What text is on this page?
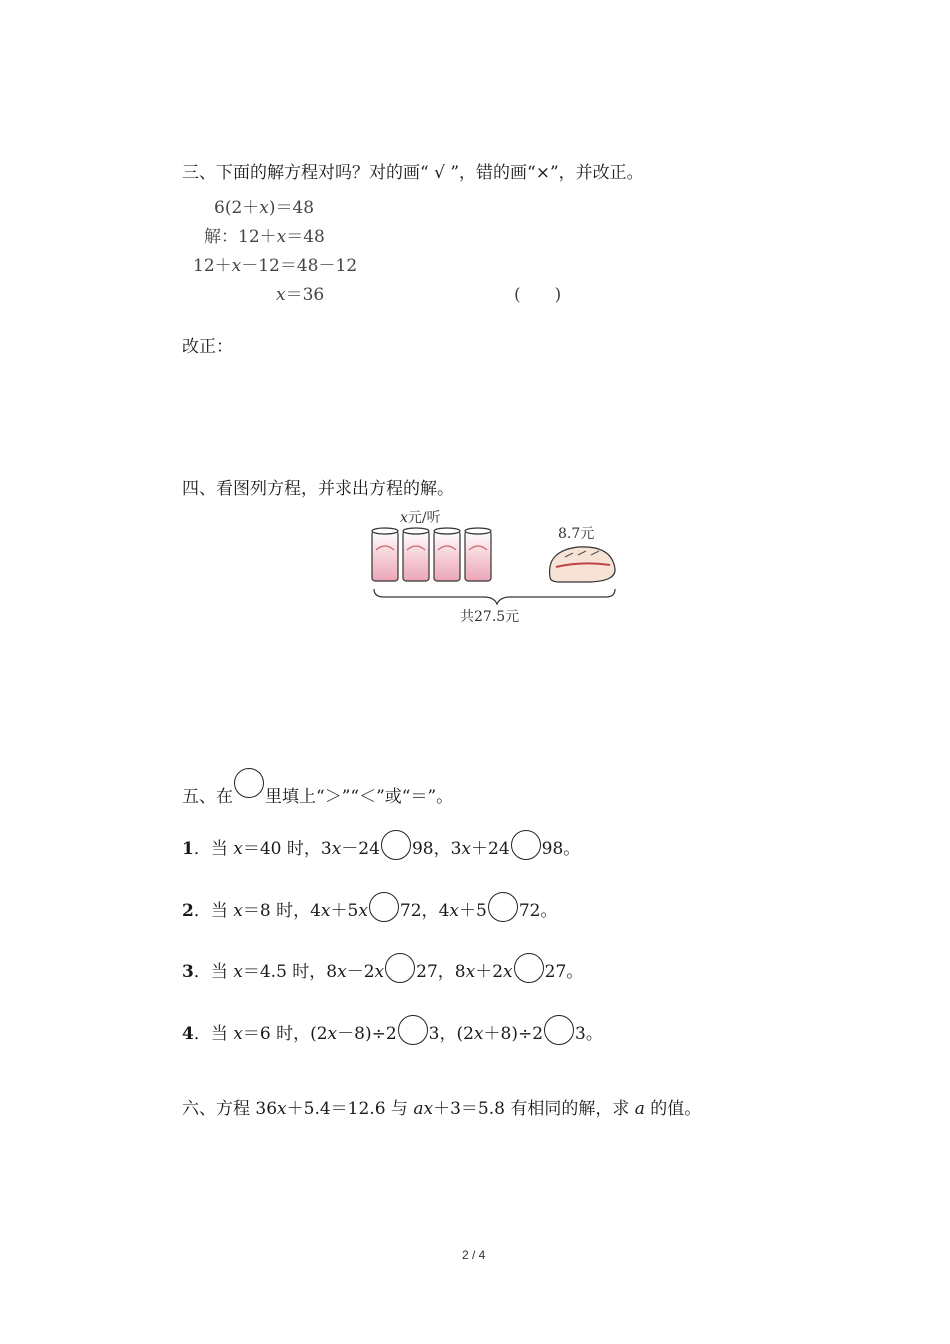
三、下面的解方程对吗？对的画“ √ ”，错的画“×”，并改正。
6(2＋x)＝48
解：12＋x＝48
12＋x－12＝48－12
x＝36	(　　)
改正：
四、看图列方程，并求出方程的解。
x元/听
8.7元
共27.5元
五、在 里填上“＞”“＜”或“＝”。
1．当 x＝40 时，3x－24 98，3x＋24 98。
2．当 x＝8 时，4x＋5x 72，4x＋5 72。
3．当 x＝4.5 时，8x－2x 27，8x＋2x 27。
4．当 x＝6 时，(2x－8)÷2 3，(2x＋8)÷2 3。
六、方程 36x＋5.4＝12.6 与 ax＋3＝5.8 有相同的解，求 a 的值。
2 / 4
